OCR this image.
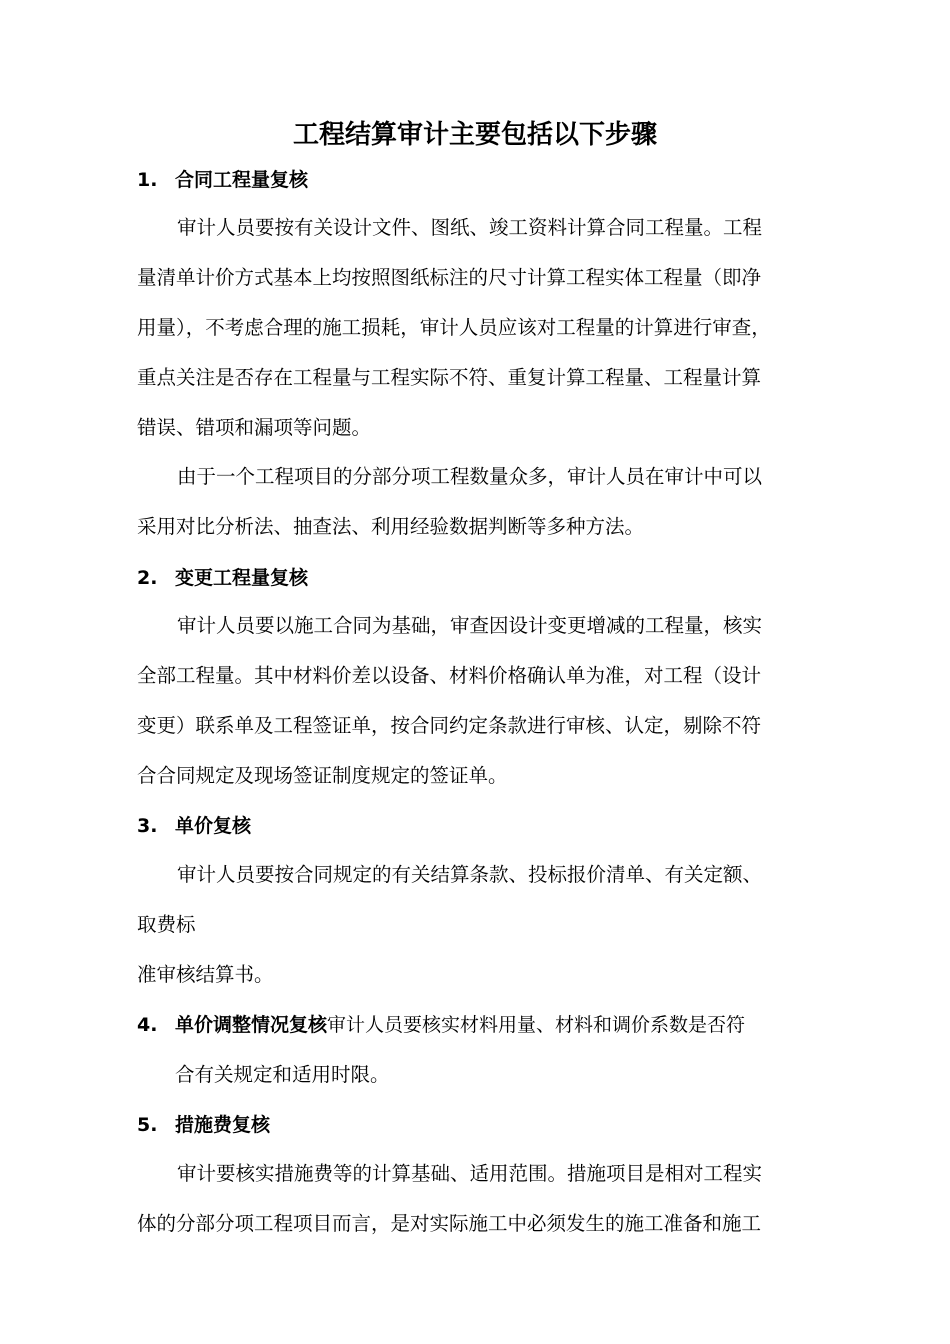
工程结算审计主要包括以下步骤
1. 合同工程量复核
审计人员要按有关设计文件、图纸、竣工资料计算合同工程量。工程
量清单计价方式基本上均按照图纸标注的尺寸计算工程实体工程量（即净
用量），不考虑合理的施工损耗，审计人员应该对工程量的计算进行审查，
重点关注是否存在工程量与工程实际不符、重复计算工程量、工程量计算
错误、错项和漏项等问题。
由于一个工程项目的分部分项工程数量众多，审计人员在审计中可以
采用对比分析法、抽查法、利用经验数据判断等多种方法。
2. 变更工程量复核
审计人员要以施工合同为基础，审查因设计变更增减的工程量，核实
全部工程量。其中材料价差以设备、材料价格确认单为准，对工程（设计
变更）联系单及工程签证单，按合同约定条款进行审核、认定，剔除不符
合合同规定及现场签证制度规定的签证单。
3. 单价复核
审计人员要按合同规定的有关结算条款、投标报价清单、有关定额、
取费标
准审核结算书。
4. 单价调整情况复核审计人员要核实材料用量、材料和调价系数是否符
合有关规定和适用时限。
5. 措施费复核
审计要核实措施费等的计算基础、适用范围。措施项目是相对工程实
体的分部分项工程项目而言，是对实际施工中必须发生的施工准备和施工
